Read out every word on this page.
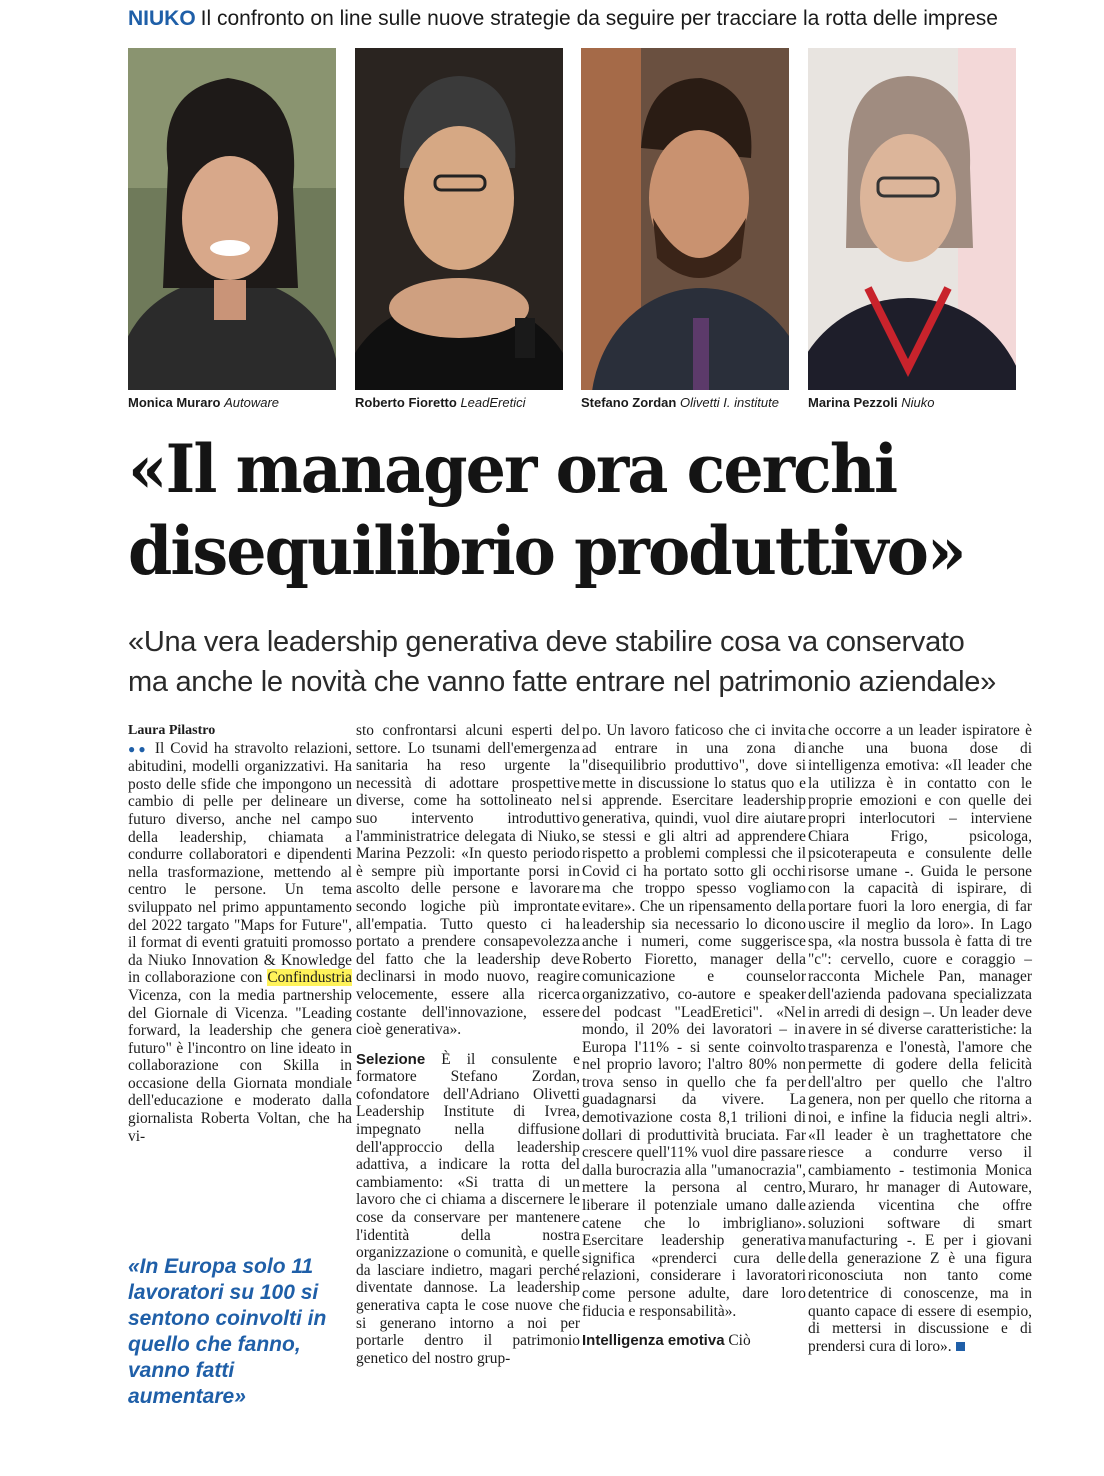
NIUKO Il confronto on line sulle nuove strategie da seguire per tracciare la rotta delle imprese
Monica Muraro Autoware	Roberto Fioretto LeadEretici	Stefano Zordan Olivetti I. institute Marina Pezzoli Niuko
«Il manager ora cerchi
disequilibrio produttivo»
«Una vera leadership generativa deve stabilire cosa va conservato
ma anche le novità che vanno fatte entrare nel patrimonio aziendale»

Laura Pilastro

●● Il Covid ha stravolto relazioni, abitudini, modelli organizzativi. Ha posto delle sfide che impongono un cambio di pelle per delineare un futuro diverso, anche nel campo della leadership, chiamata a condurre collaboratori e dipendenti nella trasformazione, mettendo al centro le persone. Un tema sviluppato nel primo appuntamento del 2022 targato "Maps for Future", il format di eventi gratuiti promosso da Niuko Innovation & Knowledge in collaborazione con Confindustria Vicenza, con la media partnership del Giornale di Vicenza. "Leading forward, la leadership che genera futuro" è l'incontro on line ideato in collaborazione con Skilla in occasione della Giornata mondiale dell'educazione e moderato dalla giornalista Roberta Voltan, che ha vi-

«In Europa solo 11 lavoratori su 100 si sentono coinvolti in quello che fanno, vanno fatti aumentare»

sto confrontarsi alcuni esperti del settore. Lo tsunami dell'emergenza sanitaria ha reso urgente la necessità di adottare prospettive diverse, come ha sottolineato nel suo intervento introduttivo l'amministratrice delegata di Niuko, Marina Pezzoli: «In questo periodo è sempre più importante porsi in ascolto delle persone e lavorare secondo logiche più improntate all'empatia. Tutto questo ci ha portato a prendere consapevolezza del fatto che la leadership deve declinarsi in modo nuovo, reagire velocemente, essere alla ricerca costante dell'innovazione, essere cioè generativa».

Selezione È il consulente e formatore Stefano Zordan, cofondatore dell'Adriano Olivetti Leadership Institute di Ivrea, impegnato nella diffusione dell'approccio della leadership adattiva, a indicare la rotta del cambiamento: «Si tratta di un lavoro che ci chiama a discernere le cose da conservare per mantenere l'identità della nostra organizzazione o comunità, e quelle da lasciare indietro, magari perché diventate dannose. La leadership generativa capta le cose nuove che si generano intorno a noi per portarle dentro il patrimonio genetico del nostro grup-

po. Un lavoro faticoso che ci invita ad entrare in una zona di "disequilibrio produttivo", dove si mette in discussione lo status quo e si apprende. Esercitare leadership generativa, quindi, vuol dire aiutare se stessi e gli altri ad apprendere rispetto a problemi complessi che il Covid ci ha portato sotto gli occhi ma che troppo spesso vogliamo evitare». Che un ripensamento della leadership sia necessario lo dicono anche i numeri, come suggerisce Roberto Fioretto, manager della comunicazione e counselor organizzativo, co-autore e speaker del podcast "LeadEretici". «Nel mondo, il 20% dei lavoratori – in Europa l'11% - si sente coinvolto nel proprio lavoro; l'altro 80% non trova senso in quello che fa per guadagnarsi da vivere. La demotivazione costa 8,1 trilioni di dollari di produttività bruciata. Far crescere quell'11% vuol dire passare dalla burocrazia alla "umanocrazia", mettere la persona al centro, liberare il potenziale umano dalle catene che lo imbrigliano». Esercitare leadership generativa significa «prenderci cura delle relazioni, considerare i lavoratori come persone adulte, dare loro fiducia e responsabilità».

Intelligenza emotiva Ciò

che occorre a un leader ispiratore è anche una buona dose di intelligenza emotiva: «Il leader che la utilizza è in contatto con le proprie emozioni e con quelle dei propri interlocutori – interviene Chiara Frigo, psicologa, psicoterapeuta e consulente delle risorse umane -. Guida le persone con la capacità di ispirare, di portare fuori la loro energia, di far uscire il meglio da loro». In Lago spa, «la nostra bussola è fatta di tre "c": cervello, cuore e coraggio – racconta Michele Pan, manager dell'azienda padovana specializzata in arredi di design –. Un leader deve avere in sé diverse caratteristiche: la trasparenza e l'onestà, l'amore che permette di godere della felicità dell'altro per quello che l'altro genera, non per quello che ritorna a noi, e infine la fiducia negli altri». «Il leader è un traghettatore che riesce a condurre verso il cambiamento - testimonia Monica Muraro, hr manager di Autoware, azienda vicentina che offre soluzioni software di smart manufacturing -. E per i giovani della generazione Z è una figura riconosciuta non tanto come detentrice di conoscenze, ma in quanto capace di essere di esempio, di mettersi in discussione e di prendersi cura di loro».
